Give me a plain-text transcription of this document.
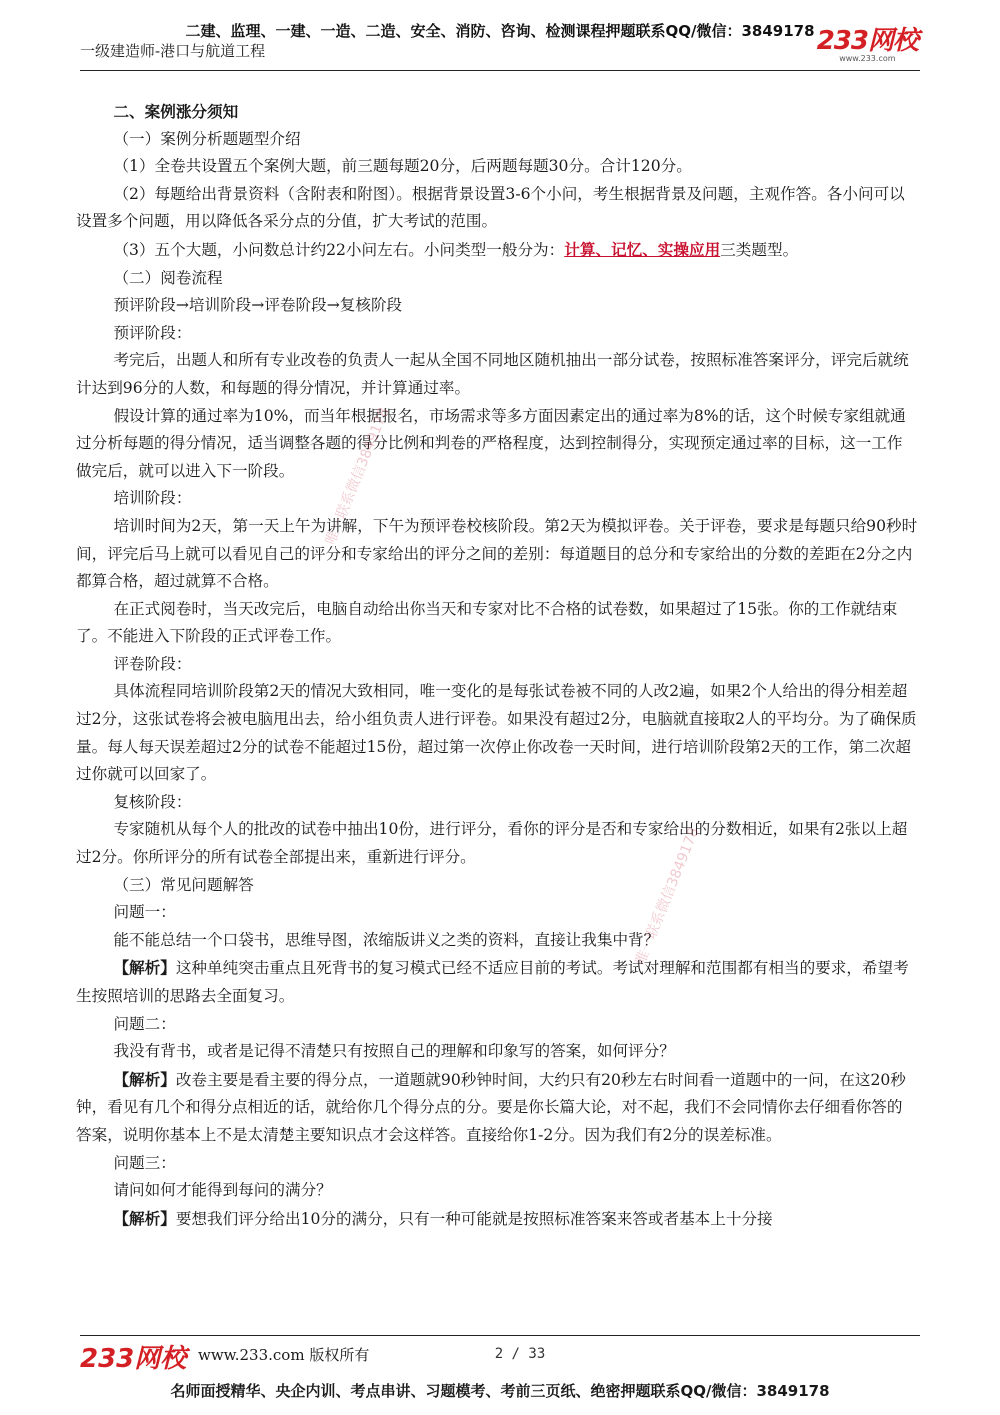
二建、监理、一建、一造、二造、安全、消防、咨询、检测课程押题联系QQ/微信：3849178
一级建造师-港口与航道工程	233网校
www.233.com

二、案例涨分须知

（一）案例分析题题型介绍

（1）全卷共设置五个案例大题，前三题每题20分，后两题每题30分。合计120分。

（2）每题给出背景资料（含附表和附图）。根据背景设置3-6个小问，考生根据背景及问题，主观作答。各小问可以设置多个问题，用以降低各采分点的分值，扩大考试的范围。

（3）五个大题，小问数总计约22小问左右。小问类型一般分为：计算、记忆、实操应用三类题型。

（二）阅卷流程

预评阶段→培训阶段→评卷阶段→复核阶段

预评阶段：

考完后，出题人和所有专业改卷的负责人一起从全国不同地区随机抽出一部分试卷，按照标准答案评分，评完后就统计达到96分的人数，和每题的得分情况，并计算通过率。

假设计算的通过率为10%，而当年根据报名，市场需求等多方面因素定出的通过率为8%的话，这个时候专家组就通过分析每题的得分情况，适当调整各题的得分比例和判卷的严格程度，达到控制得分，实现预定通过率的目标，这一工作做完后，就可以进入下一阶段。

培训阶段：

培训时间为2天，第一天上午为讲解，下午为预评卷校核阶段。第2天为模拟评卷。关于评卷，要求是每题只给90秒时间，评完后马上就可以看见自己的评分和专家给出的评分之间的差别：每道题目的总分和专家给出的分数的差距在2分之内都算合格，超过就算不合格。

在正式阅卷时，当天改完后，电脑自动给出你当天和专家对比不合格的试卷数，如果超过了15张。你的工作就结束了。不能进入下阶段的正式评卷工作。

评卷阶段：

具体流程同培训阶段第2天的情况大致相同，唯一变化的是每张试卷被不同的人改2遍，如果2个人给出的得分相差超过2分，这张试卷将会被电脑甩出去，给小组负责人进行评卷。如果没有超过2分，电脑就直接取2人的平均分。为了确保质量。每人每天误差超过2分的试卷不能超过15份，超过第一次停止你改卷一天时间，进行培训阶段第2天的工作，第二次超过你就可以回家了。

复核阶段：

专家随机从每个人的批改的试卷中抽出10份，进行评分，看你的评分是否和专家给出的分数相近，如果有2张以上超过2分。你所评分的所有试卷全部提出来，重新进行评分。

（三）常见问题解答

问题一：

能不能总结一个口袋书，思维导图，浓缩版讲义之类的资料，直接让我集中背？

【解析】这种单纯突击重点且死背书的复习模式已经不适应目前的考试。考试对理解和范围都有相当的要求，希望考生按照培训的思路去全面复习。

问题二：

我没有背书，或者是记得不清楚只有按照自己的理解和印象写的答案，如何评分？

【解析】改卷主要是看主要的得分点，一道题就90秒钟时间，大约只有20秒左右时间看一道题中的一问，在这20秒钟，看见有几个和得分点相近的话，就给你几个得分点的分。要是你长篇大论，对不起，我们不会同情你去仔细看你答的答案，说明你基本上不是太清楚主要知识点才会这样答。直接给你1-2分。因为我们有2分的误差标准。

问题三：

请问如何才能得到每问的满分？

【解析】要想我们评分给出10分的满分，只有一种可能就是按照标准答案来答或者基本上十分接

唯一联系微信3849178
唯一联系微信3849178
233网校 www.233.com 版权所有	2 / 33
名师面授精华、央企内训、考点串讲、习题模考、考前三页纸、绝密押题联系QQ/微信：3849178
